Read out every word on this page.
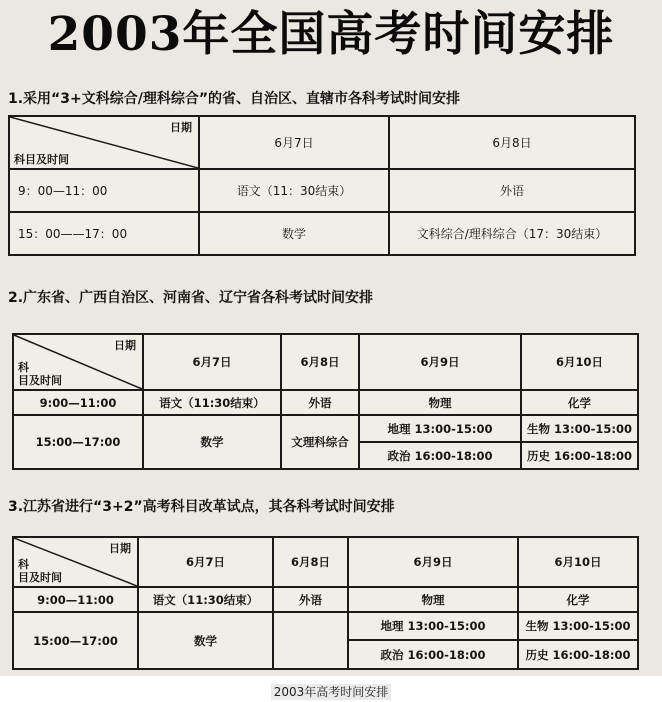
2003年全国高考时间安排
1.采用“3+文科综合/理科综合”的省、自治区、直辖市各科考试时间安排
日期
科目及时间	6月7日	6月8日
9：00—11：00	语文（11：30结束）	外语
15：00——17：00	数学	文科综合/理科综合（17：30结束）
2.广东省、广西自治区、河南省、辽宁省各科考试时间安排
日期
科
目及时间	6月7日	6月8日	6月9日	6月10日
9:00—11:00	语文（11:30结束）	外语	物理	化学
15:00—17:00	数学	文理科综合	地理 13:00-15:00	生物 13:00-15:00
			政治 16:00-18:00	历史 16:00-18:00
3.江苏省进行“3+2”高考科目改革试点，其各科考试时间安排
日期
科
目及时间	6月7日	6月8日	6月9日	6月10日
9:00—11:00	语文（11:30结束）	外语	物理	化学
15:00—17:00	数学		地理 13:00-15:00	生物 13:00-15:00
			政治 16:00-18:00	历史 16:00-18:00
2003年高考时间安排
